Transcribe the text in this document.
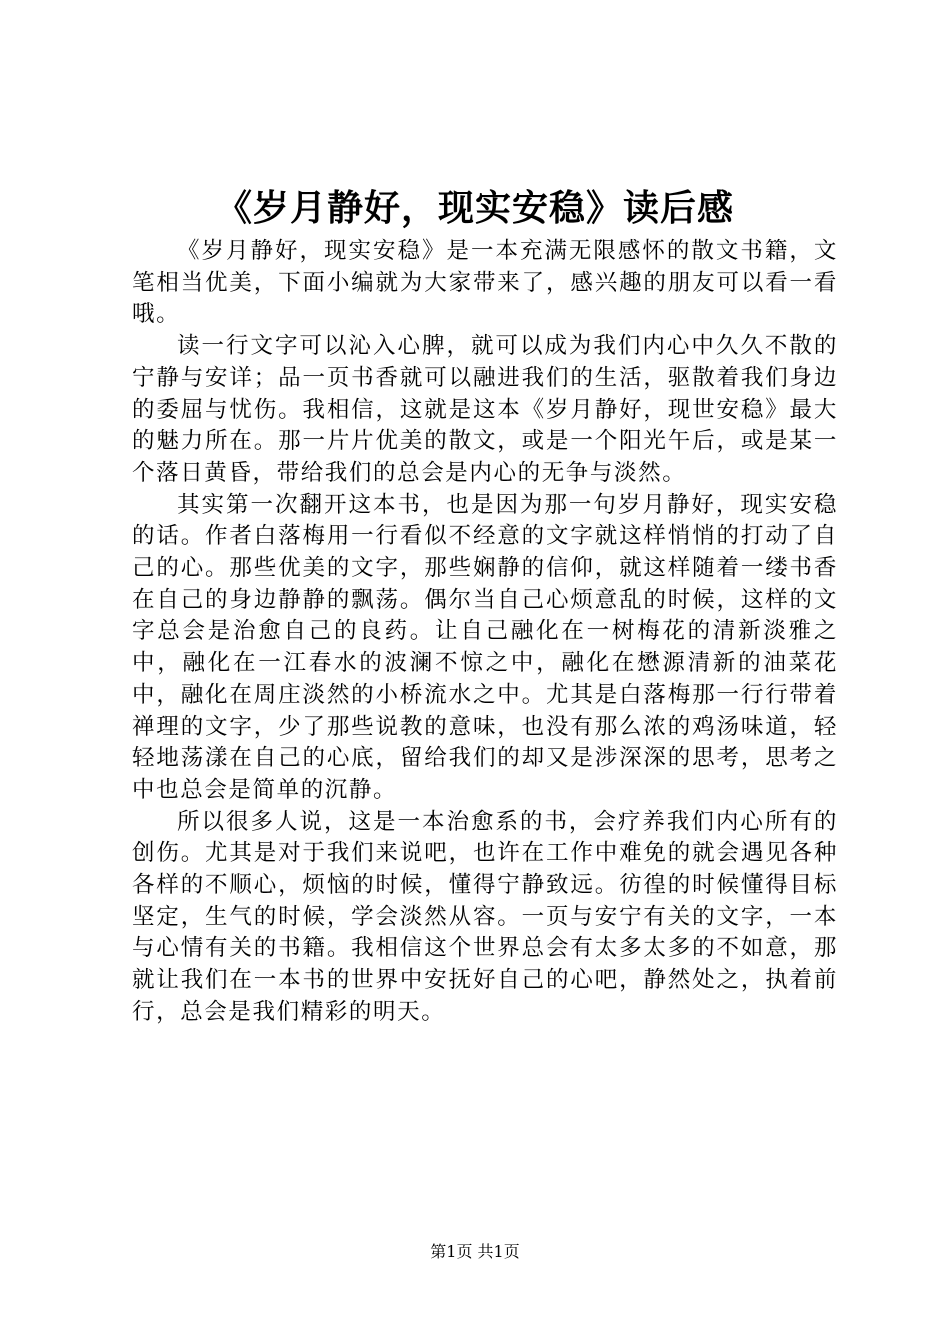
《岁月静好，现实安稳》读后感

《岁月静好，现实安稳》是一本充满无限感怀的散文书籍，文笔相当优美，下面小编就为大家带来了，感兴趣的朋友可以看一看哦。

读一行文字可以沁入心脾，就可以成为我们内心中久久不散的宁静与安详；品一页书香就可以融进我们的生活，驱散着我们身边的委屈与忧伤。我相信，这就是这本《岁月静好，现世安稳》最大的魅力所在。那一片片优美的散文，或是一个阳光午后，或是某一个落日黄昏，带给我们的总会是内心的无争与淡然。

其实第一次翻开这本书，也是因为那一句岁月静好，现实安稳的话。作者白落梅用一行看似不经意的文字就这样悄悄的打动了自己的心。那些优美的文字，那些娴静的信仰，就这样随着一缕书香在自己的身边静静的飘荡。偶尔当自己心烦意乱的时候，这样的文字总会是治愈自己的良药。让自己融化在一树梅花的清新淡雅之中，融化在一江春水的波澜不惊之中，融化在懋源清新的油菜花中，融化在周庄淡然的小桥流水之中。尤其是白落梅那一行行带着禅理的文字，少了那些说教的意味，也没有那么浓的鸡汤味道，轻轻地荡漾在自己的心底，留给我们的却又是涉深深的思考，思考之中也总会是简单的沉静。

所以很多人说，这是一本治愈系的书，会疗养我们内心所有的创伤。尤其是对于我们来说吧，也许在工作中难免的就会遇见各种各样的不顺心，烦恼的时候，懂得宁静致远。彷徨的时候懂得目标坚定，生气的时候，学会淡然从容。一页与安宁有关的文字，一本与心情有关的书籍。我相信这个世界总会有太多太多的不如意，那就让我们在一本书的世界中安抚好自己的心吧，静然处之，执着前行，总会是我们精彩的明天。

第1页 共1页
